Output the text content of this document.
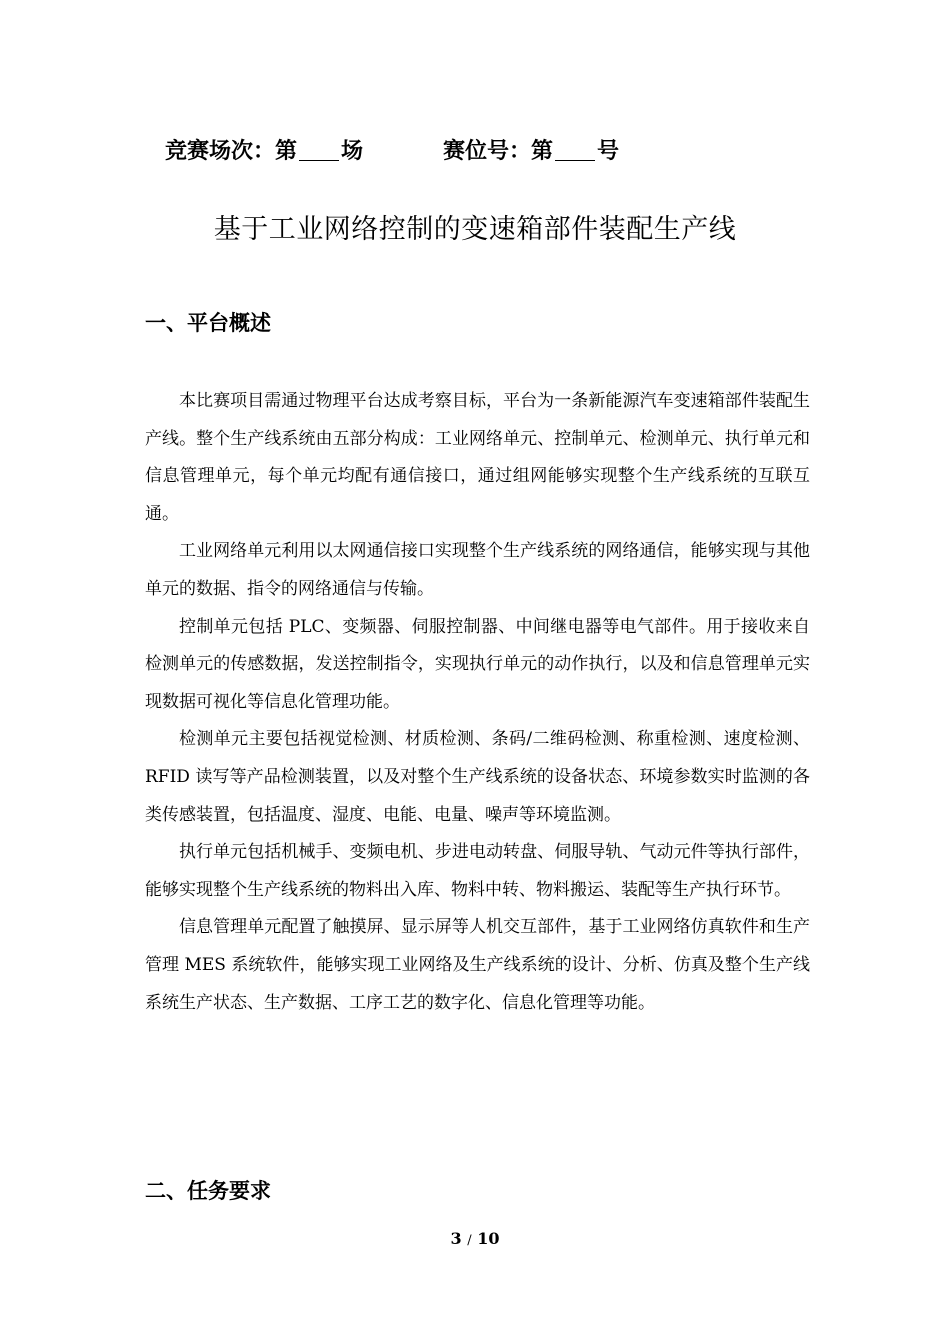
竞赛场次：第 场	赛位号：第 号
基于工业网络控制的变速箱部件装配生产线
一、平台概述

本比赛项目需通过物理平台达成考察目标，平台为一条新能源汽车变速箱部件装配生产线。整个生产线系统由五部分构成：工业网络单元、控制单元、检测单元、执行单元和信息管理单元，每个单元均配有通信接口，通过组网能够实现整个生产线系统的互联互通。

工业网络单元利用以太网通信接口实现整个生产线系统的网络通信，能够实现与其他单元的数据、指令的网络通信与传输。

控制单元包括 PLC、变频器、伺服控制器、中间继电器等电气部件。用于接收来自检测单元的传感数据，发送控制指令，实现执行单元的动作执行，以及和信息管理单元实现数据可视化等信息化管理功能。

检测单元主要包括视觉检测、材质检测、条码/二维码检测、称重检测、速度检测、RFID 读写等产品检测装置，以及对整个生产线系统的设备状态、环境参数实时监测的各类传感装置，包括温度、湿度、电能、电量、噪声等环境监测。

执行单元包括机械手、变频电机、步进电动转盘、伺服导轨、气动元件等执行部件，能够实现整个生产线系统的物料出入库、物料中转、物料搬运、装配等生产执行环节。

信息管理单元配置了触摸屏、显示屏等人机交互部件，基于工业网络仿真软件和生产管理 MES 系统软件，能够实现工业网络及生产线系统的设计、分析、仿真及整个生产线系统生产状态、生产数据、工序工艺的数字化、信息化管理等功能。

二、任务要求
3 / 10
